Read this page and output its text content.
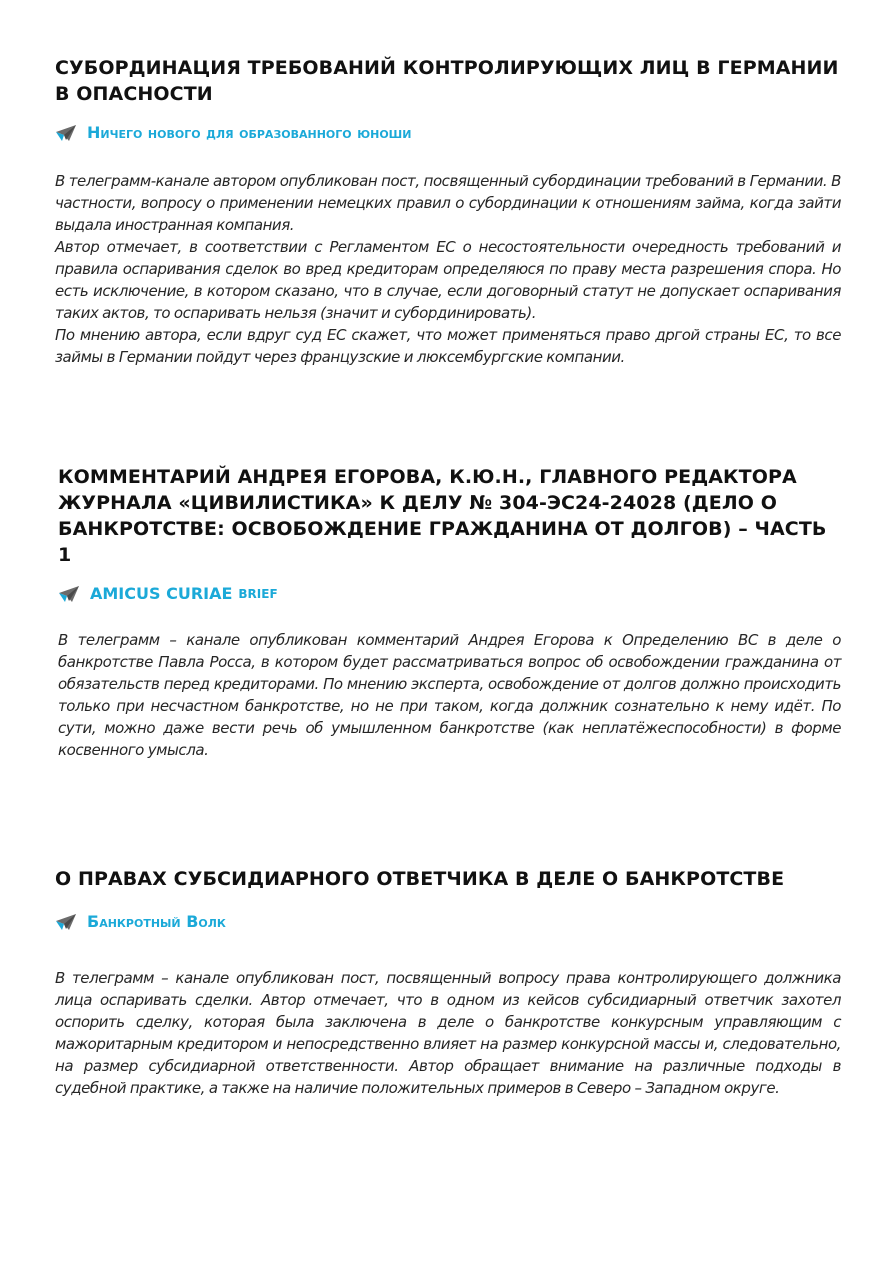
СУБОРДИНАЦИЯ ТРЕБОВАНИЙ КОНТРОЛИРУЮЩИХ ЛИЦ В ГЕРМАНИИ В ОПАСНОСТИ
Ничего нового для образованного юноши

В телеграмм-канале автором опубликован пост, посвященный субординации требований в Германии. В частности, вопросу о применении немецких правил о субординации к отношениям займа, когда зайти выдала иностранная компания.

Автор отмечает, в соответствии с Регламентом ЕС о несостоятельности очередность требований и правила оспаривания сделок во вред кредиторам определяюся по праву места разрешения спора. Но есть исключение, в котором сказано, что в случае, если договорный статут не допускает оспаривания таких актов, то оспаривать нельзя (значит и субординировать).

По мнению автора, если вдруг суд ЕС скажет, что может применяться право дргой страны ЕС, то все займы в Германии пойдут через французские и люксембургские компании.

КОММЕНТАРИЙ АНДРЕЯ ЕГОРОВА, К.Ю.Н., ГЛАВНОГО РЕДАКТОРА ЖУРНАЛА «ЦИВИЛИСТИКА» К ДЕЛУ № 304-ЭС24-24028 (ДЕЛО О БАНКРОТСТВЕ: ОСВОБОЖДЕНИЕ ГРАЖДАНИНА ОТ ДОЛГОВ) – ЧАСТЬ 1
AMICUS CURIAE BRIEF

В телеграмм – канале опубликован комментарий Андрея Егорова к Определению ВС в деле о банкротстве Павла Росса, в котором будет рассматриваться вопрос об освобождении гражданина от обязательств перед кредиторами. По мнению эксперта, освобождение от долгов должно происходить только при несчастном банкротстве, но не при таком, когда должник сознательно к нему идёт. По сути, можно даже вести речь об умышленном банкротстве (как неплатёжеспособности) в форме косвенного умысла.

О ПРАВАХ СУБСИДИАРНОГО ОТВЕТЧИКА В ДЕЛЕ О БАНКРОТСТВЕ
Банкротный Волк

В телеграмм – канале опубликован пост, посвященный вопросу права контролирующего должника лица оспаривать сделки. Автор отмечает, что в одном из кейсов субсидиарный ответчик захотел оспорить сделку, которая была заключена в деле о банкротстве конкурсным управляющим с мажоритарным кредитором и непосредственно влияет на размер конкурсной массы и, следовательно, на размер субсидиарной ответственности. Автор обращает внимание на различные подходы в судебной практике, а также на наличие положительных примеров в Северо – Западном округе.
